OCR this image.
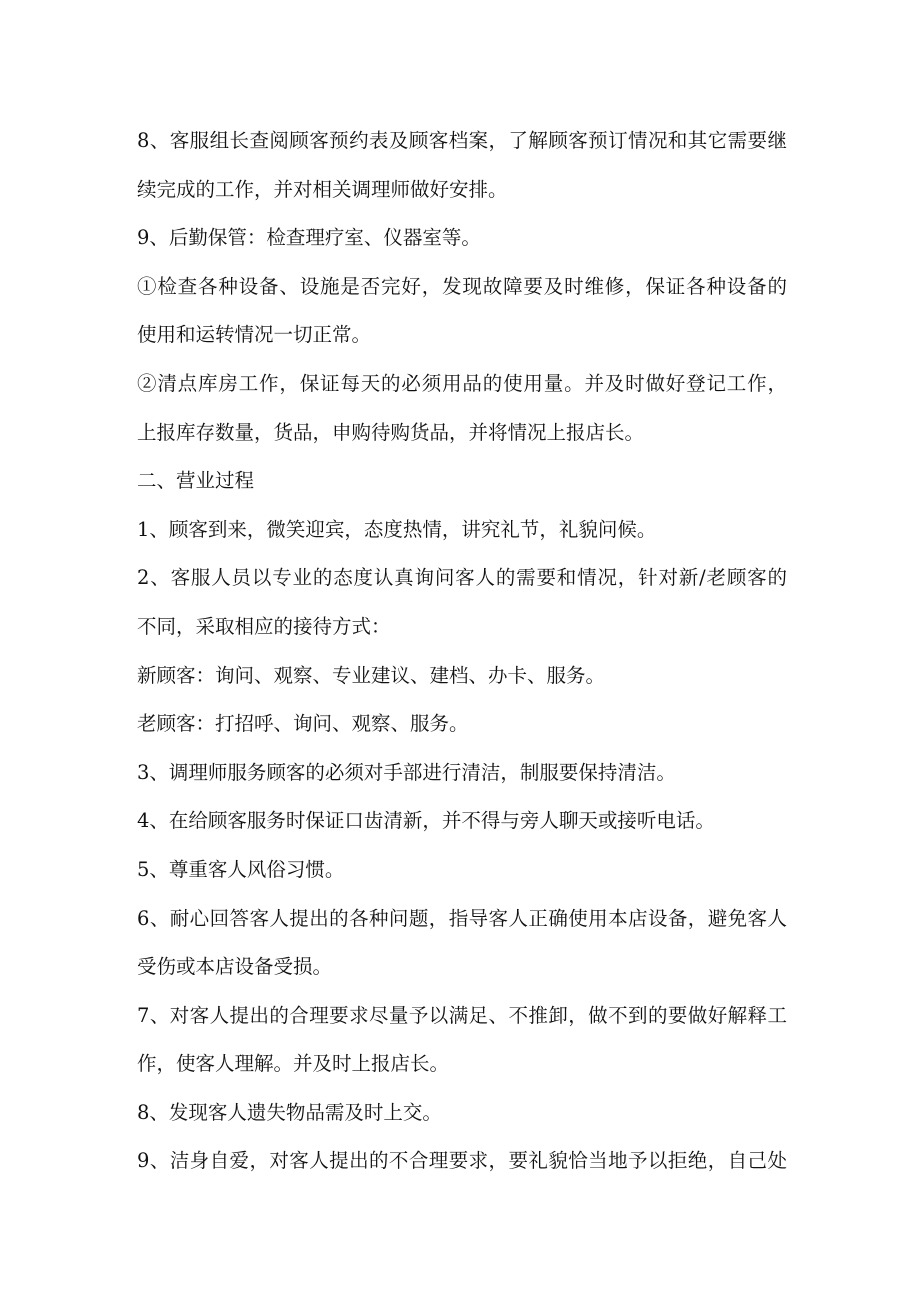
8、客服组长查阅顾客预约表及顾客档案，了解顾客预订情况和其它需要继
续完成的工作，并对相关调理师做好安排。
9、后勤保管：检查理疗室、仪器室等。
①检查各种设备、设施是否完好，发现故障要及时维修，保证各种设备的
使用和运转情况一切正常。
②清点库房工作，保证每天的必须用品的使用量。并及时做好登记工作，
上报库存数量，货品，申购待购货品，并将情况上报店长。
二、营业过程
1、顾客到来，微笑迎宾，态度热情，讲究礼节，礼貌问候。
2、客服人员以专业的态度认真询问客人的需要和情况，针对新/老顾客的
不同，采取相应的接待方式：
新顾客：询问、观察、专业建议、建档、办卡、服务。
老顾客：打招呼、询问、观察、服务。
3、调理师服务顾客的必须对手部进行清洁，制服要保持清洁。
4、在给顾客服务时保证口齿清新，并不得与旁人聊天或接听电话。
5、尊重客人风俗习惯。
6、耐心回答客人提出的各种问题，指导客人正确使用本店设备，避免客人
受伤或本店设备受损。
7、对客人提出的合理要求尽量予以满足、不推卸，做不到的要做好解释工
作，使客人理解。并及时上报店长。
8、发现客人遗失物品需及时上交。
9、洁身自爱，对客人提出的不合理要求，要礼貌恰当地予以拒绝，自己处
